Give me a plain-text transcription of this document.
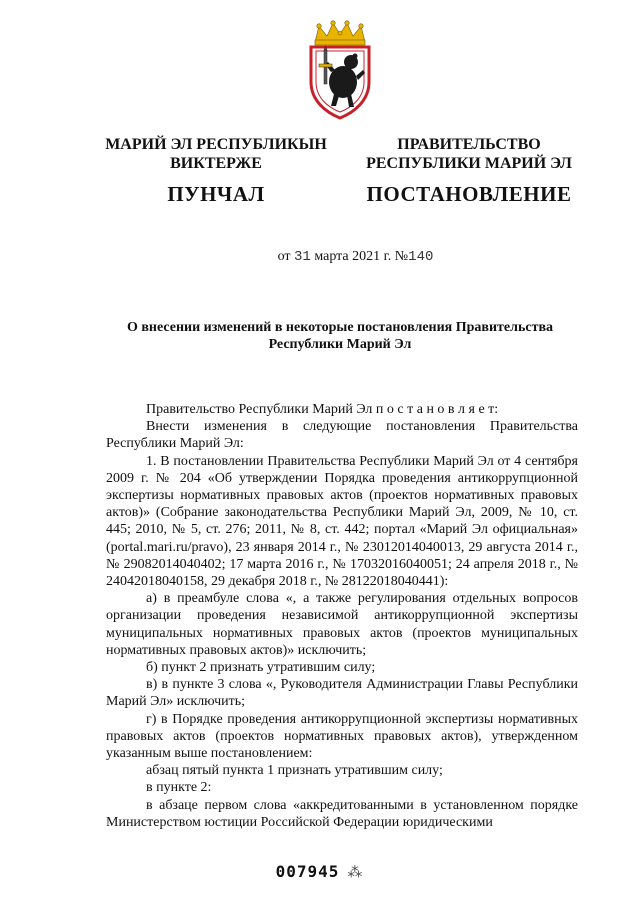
МАРИЙ ЭЛ РЕСПУБЛИКЫН
ВИКТЕРЖЕ
ПУНЧАЛ
ПРАВИТЕЛЬСТВО
РЕСПУБЛИКИ МАРИЙ ЭЛ
ПОСТАНОВЛЕНИЕ
от 31 марта 2021 г. №140
О внесении изменений в некоторые постановления Правительства
Республики Марий Эл

Правительство Республики Марий Эл п о с т а н о в л я е т:

Внести изменения в следующие постановления Правительства Республики Марий Эл:

1. В постановлении Правительства Республики Марий Эл от 4 сентября 2009 г. № 204 «Об утверждении Порядка проведения антикоррупционной экспертизы нормативных правовых актов (проектов нормативных правовых актов)» (Собрание законодательства Республики Марий Эл, 2009, № 10, ст. 445; 2010, № 5, ст. 276; 2011, № 8, ст. 442; портал «Марий Эл официальная» (portal.mari.ru/pravo), 23 января 2014 г., № 23012014040013, 29 августа 2014 г., № 29082014040402; 17 марта 2016 г., № 17032016040051; 24 апреля 2018 г., № 24042018040158, 29 декабря 2018 г., № 28122018040441):

а) в преамбуле слова «, а также регулирования отдельных вопросов организации проведения независимой антикоррупционной экспертизы муниципальных нормативных правовых актов (проектов муниципальных нормативных правовых актов)» исключить;

б) пункт 2 признать утратившим силу;

в) в пункте 3 слова «, Руководителя Администрации Главы Республики Марий Эл» исключить;

г) в Порядке проведения антикоррупционной экспертизы нормативных правовых актов (проектов нормативных правовых актов), утвержденном указанным выше постановлением:

абзац пятый пункта 1 признать утратившим силу;

в пункте 2:

в абзаце первом слова «аккредитованными в установленном порядке Министерством юстиции Российской Федерации юридическими

007945 ⁂
